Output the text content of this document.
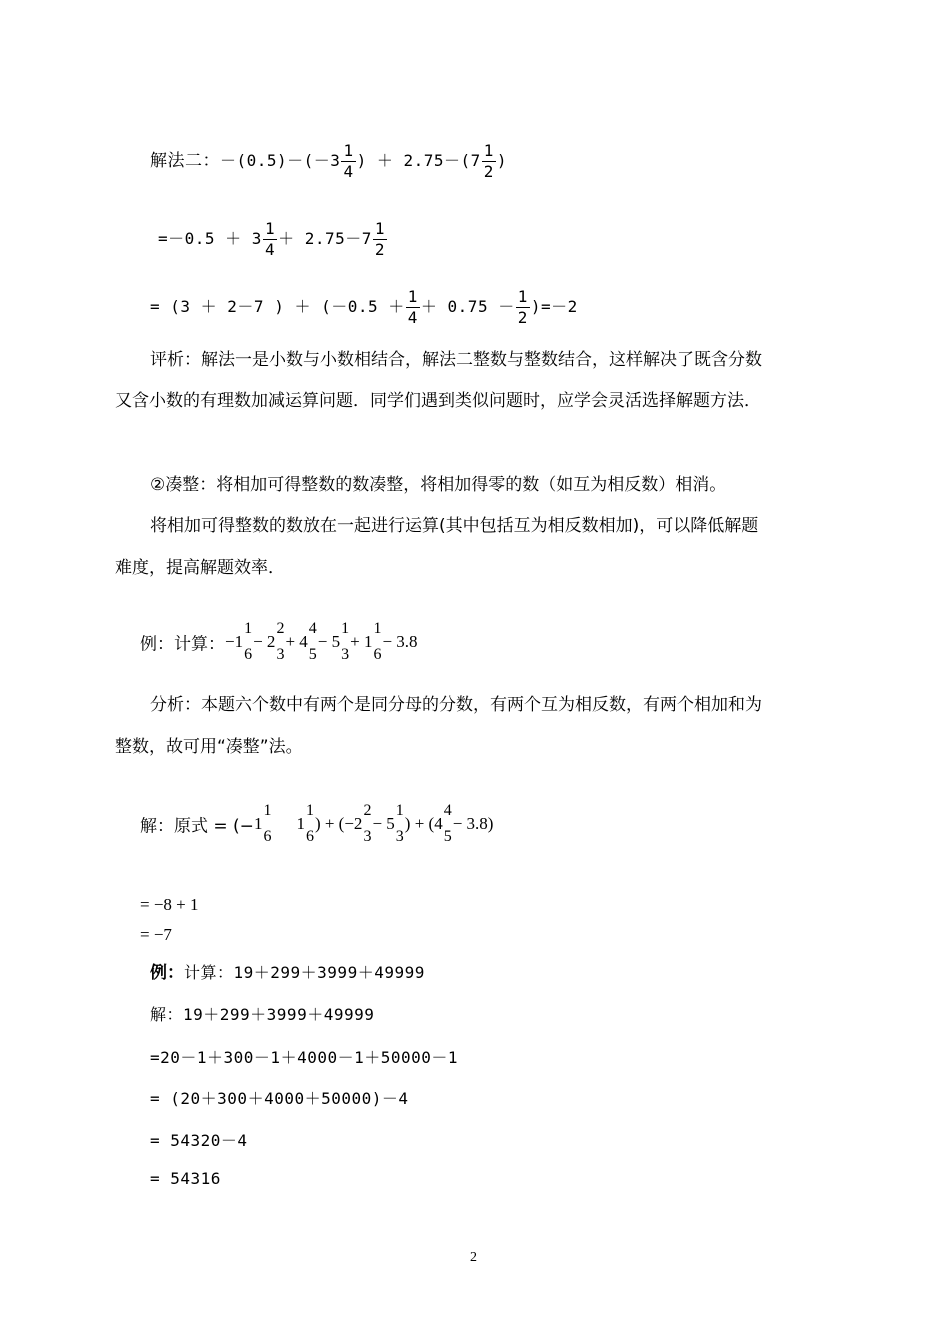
解法二：$-(0.5)-(-3 \frac{1}{4}$ ) ＋ $2.75-(7 \frac{1}{2}$ )
$=-0.5 + 3 \frac{1}{4} + 2.75-7 \frac{1}{2}$
= (3 ＋ 2－7 ) ＋ $(-0.5 + \frac{1}{4} + 0.75 - \frac{1}{2} )=-2$
评析：解法一是小数与小数相结合，解法二整数与整数结合，这样解决了既含分数
又含小数的有理数加减运算问题．同学们遇到类似问题时，应学会灵活选择解题方法．
②凑整：将相加可得整数的数凑整，将相加得零的数（如互为相反数）相消。
将相加可得整数的数放在一起进行运算(其中包括互为相反数相加)，可以降低解题
难度，提高解题效率．
例：计算：−1
1
6
− 2
2
3
+ 4
4
5
− 5
1
3
+ 1
1
6
− 3.8
分析：本题六个数中有两个是同分母的分数，有两个互为相反数，有两个相加和为
整数，故可用“凑整”法。
解：原式 = (−1
1
6
1
1
6
) + (−2
2
3
− 5
1
3
) + (4
4
5
− 3.8)
= −8 + 1
= −7
例：计算：19＋299＋3999＋49999
解：19＋299＋3999＋49999
=20－1＋300－1＋4000－1＋50000－1
= (20＋300＋4000＋50000)－4
= 54320－4
= 54316
2
